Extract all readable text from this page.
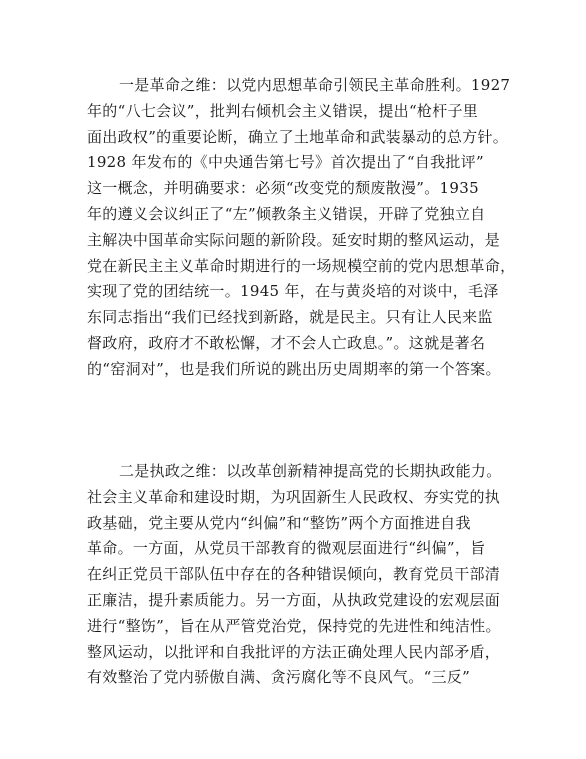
一是革命之维：以党内思想革命引领民主革命胜利。1927
年的“八七会议”，批判右倾机会主义错误，提出“枪杆子里
面出政权”的重要论断，确立了土地革命和武装暴动的总方针。
1928 年发布的《中央通告第七号》首次提出了“自我批评”
这一概念，并明确要求：必须“改变党的颓废散漫”。1935
年的遵义会议纠正了“左”倾教条主义错误，开辟了党独立自
主解决中国革命实际问题的新阶段。延安时期的整风运动，是
党在新民主主义革命时期进行的一场规模空前的党内思想革命，
实现了党的团结统一。1945 年，在与黄炎培的对谈中，毛泽
东同志指出“我们已经找到新路，就是民主。只有让人民来监
督政府，政府才不敢松懈，才不会人亡政息。”。这就是著名
的“窑洞对”，也是我们所说的跳出历史周期率的第一个答案。
二是执政之维：以改革创新精神提高党的长期执政能力。
社会主义革命和建设时期，为巩固新生人民政权、夯实党的执
政基础，党主要从党内“纠偏”和“整饬”两个方面推进自我
革命。一方面，从党员干部教育的微观层面进行“纠偏”，旨
在纠正党员干部队伍中存在的各种错误倾向，教育党员干部清
正廉洁，提升素质能力。另一方面，从执政党建设的宏观层面
进行“整饬”，旨在从严管党治党，保持党的先进性和纯洁性。
整风运动，以批评和自我批评的方法正确处理人民内部矛盾，
有效整治了党内骄傲自满、贪污腐化等不良风气。“三反”
